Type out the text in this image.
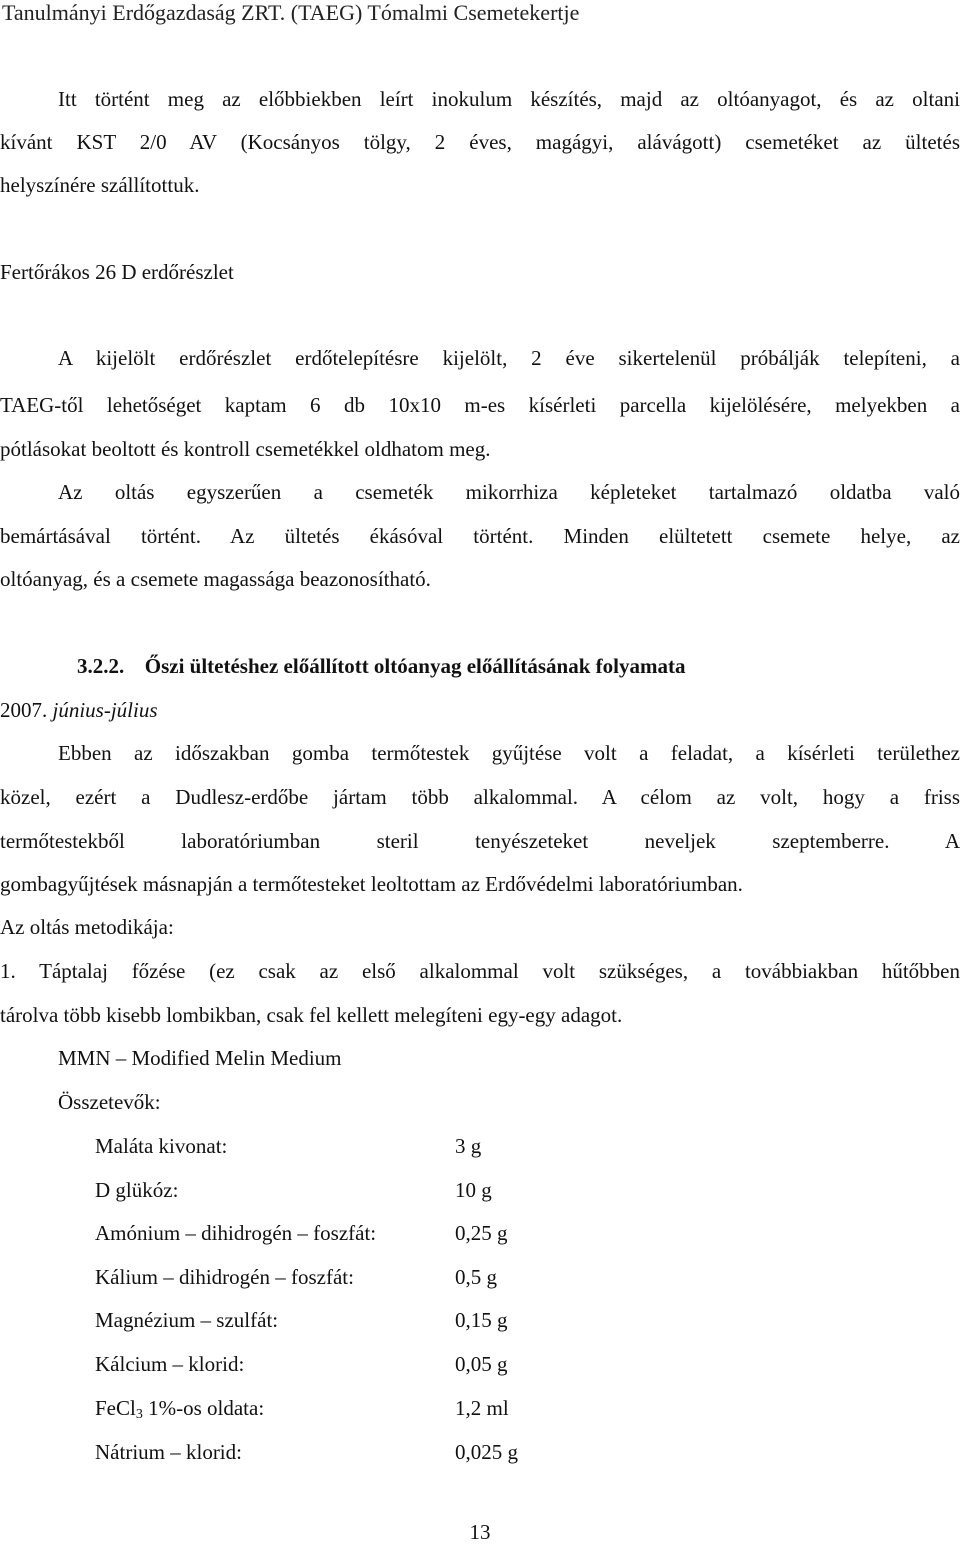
Tanulmányi Erdőgazdaság ZRT. (TAEG) Tómalmi Csemetekertje
Itt történt meg az előbbiekben leírt inokulum készítés, majd az oltóanyagot, és az oltani
kívánt KST 2/0 AV (Kocsányos tölgy, 2 éves, magágyi, alávágott) csemetéket az ültetés
helyszínére szállítottuk.
Fertőrákos 26 D erdőrészlet
A kijelölt erdőrészlet erdőtelepítésre kijelölt, 2 éve sikertelenül próbálják telepíteni, a
TAEG-től lehetőséget kaptam 6 db 10x10 m-es kísérleti parcella kijelölésére, melyekben a
pótlásokat beoltott és kontroll csemetékkel oldhatom meg.
Az oltás egyszerűen a csemeték mikorrhiza képleteket tartalmazó oldatba való
bemártásával történt. Az ültetés ékásóval történt. Minden elültetett csemete helye, az
oltóanyag, és a csemete magassága beazonosítható.
3.2.2. Őszi ültetéshez előállított oltóanyag előállításának folyamata
2007. június-július
Ebben az időszakban gomba termőtestek gyűjtése volt a feladat, a kísérleti területhez
közel, ezért a Dudlesz-erdőbe jártam több alkalommal. A célom az volt, hogy a friss
termőtestekből laboratóriumban steril tenyészeteket neveljek szeptemberre. A
gombagyűjtések másnapján a termőtesteket leoltottam az Erdővédelmi laboratóriumban.
Az oltás metodikája:
1. Táptalaj főzése (ez csak az első alkalommal volt szükséges, a továbbiakban hűtőbben
tárolva több kisebb lombikban, csak fel kellett melegíteni egy-egy adagot.
MMN – Modified Melin Medium
Összetevők:
Maláta kivonat:	3 g
D glükóz:	10 g
Amónium – dihidrogén – foszfát:	0,25 g
Kálium – dihidrogén – foszfát:	0,5 g
Magnézium – szulfát:	0,15 g
Kálcium – klorid:	0,05 g
FeCl$_3$ 1%-os oldata:	1,2 ml
Nátrium – klorid:	0,025 g
13
